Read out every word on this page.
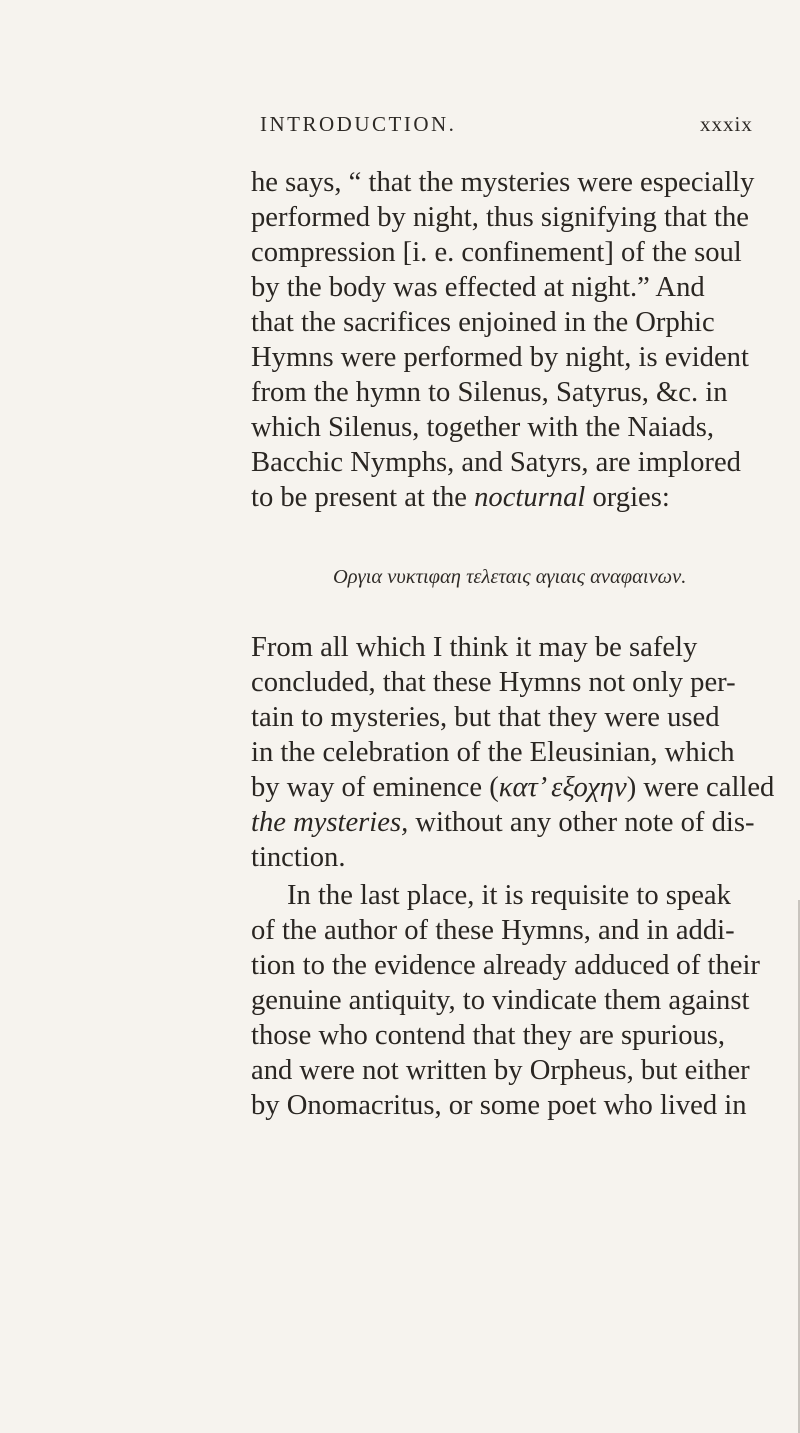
INTRODUCTION.	xxxix
he says, “ that the mysteries were especially
performed by night, thus signifying that the
compression [i. e. confinement] of the soul
by the body was effected at night.” And
that the sacrifices enjoined in the Orphic
Hymns were performed by night, is evident
from the hymn to Silenus, Satyrus, &c. in
which Silenus, together with the Naiads,
Bacchic Nymphs, and Satyrs, are implored
to be present at the nocturnal orgies:
Οργια νυκτιφαη τελεταις αγιαις αναφαινων.
From all which I think it may be safely
concluded, that these Hymns not only per-
tain to mysteries, but that they were used
in the celebration of the Eleusinian, which
by way of eminence (κατ’ εξοχην) were called
the mysteries, without any other note of dis-
tinction.
In the last place, it is requisite to speak
of the author of these Hymns, and in addi-
tion to the evidence already adduced of their
genuine antiquity, to vindicate them against
those who contend that they are spurious,
and were not written by Orpheus, but either
by Onomacritus, or some poet who lived in
